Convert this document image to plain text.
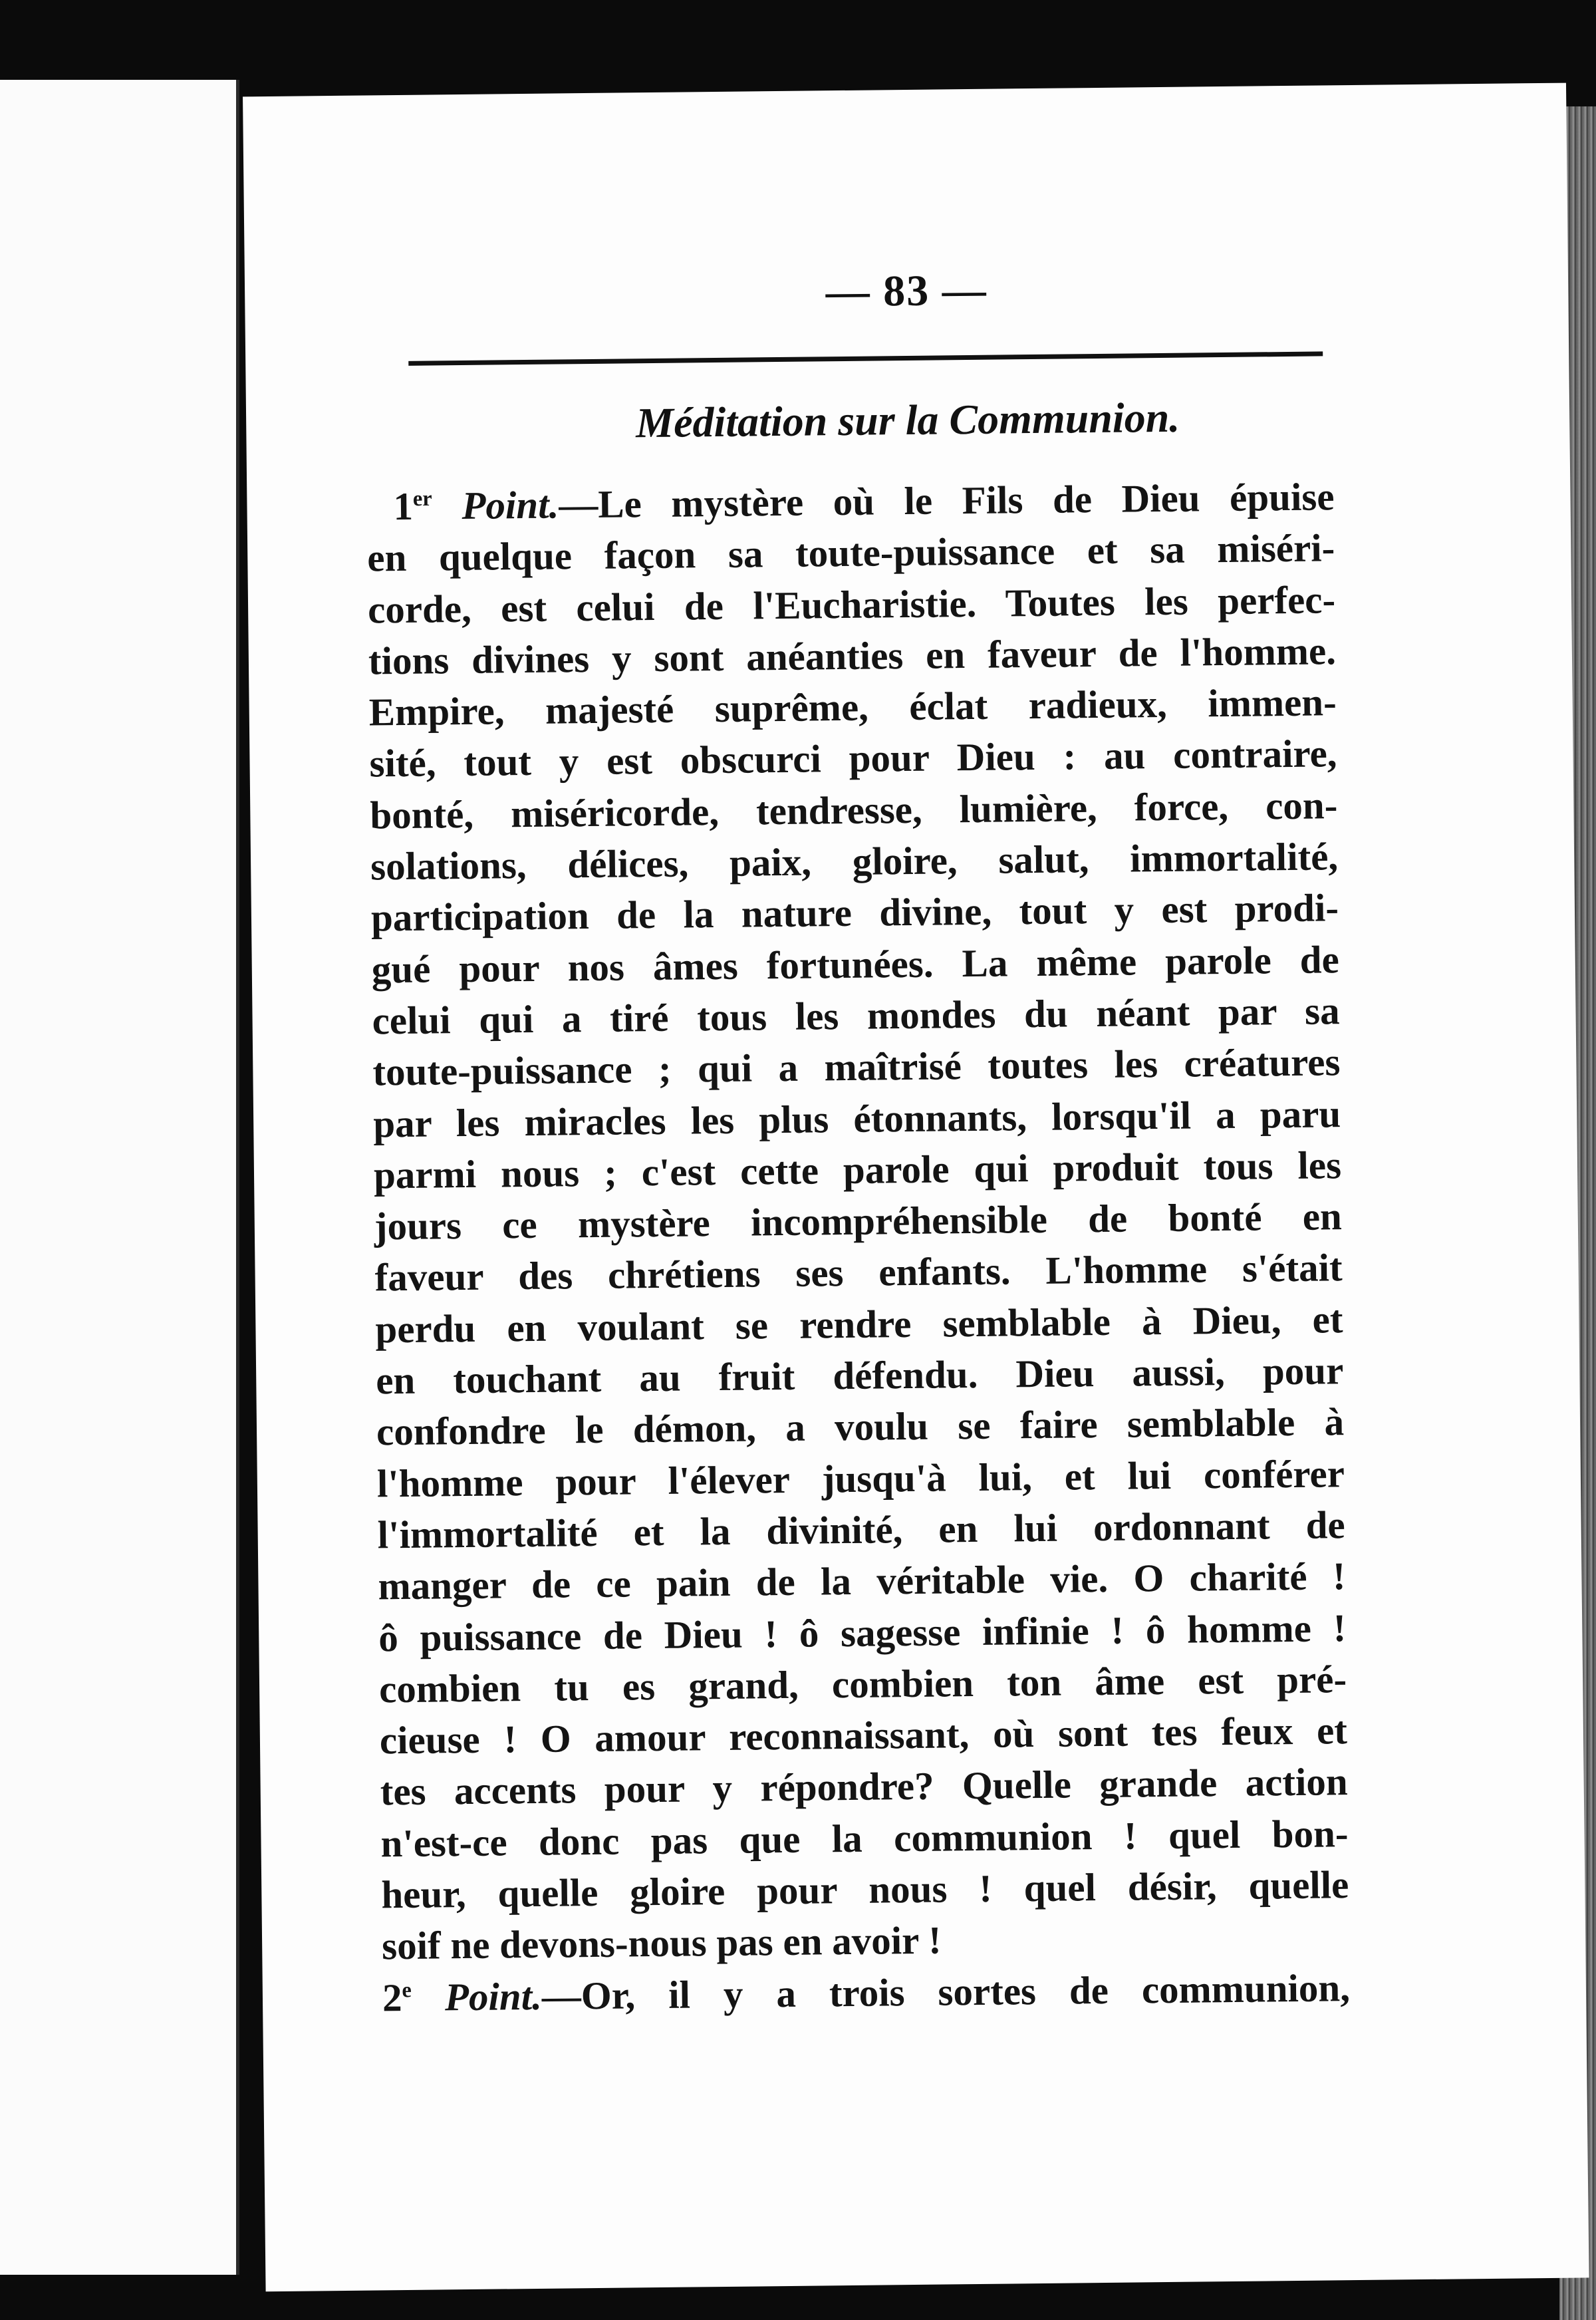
— 83 —
Méditation sur la Communion.
1er Point.—Le mystère où le Fils de Dieu épuise
en quelque façon sa toute-puissance et sa miséri-
corde, est celui de l'Eucharistie. Toutes les perfec-
tions divines y sont anéanties en faveur de l'homme.
Empire, majesté suprême, éclat radieux, immen-
sité, tout y est obscurci pour Dieu : au contraire,
bonté, miséricorde, tendresse, lumière, force, con-
solations, délices, paix, gloire, salut, immortalité,
participation de la nature divine, tout y est prodi-
gué pour nos âmes fortunées. La même parole de
celui qui a tiré tous les mondes du néant par sa
toute-puissance ; qui a maîtrisé toutes les créatures
par les miracles les plus étonnants, lorsqu'il a paru
parmi nous ; c'est cette parole qui produit tous les
jours ce mystère incompréhensible de bonté en
faveur des chrétiens ses enfants. L'homme s'était
perdu en voulant se rendre semblable à Dieu, et
en touchant au fruit défendu. Dieu aussi, pour
confondre le démon, a voulu se faire semblable à
l'homme pour l'élever jusqu'à lui, et lui conférer
l'immortalité et la divinité, en lui ordonnant de
manger de ce pain de la véritable vie. O charité !
ô puissance de Dieu ! ô sagesse infinie ! ô homme !
combien tu es grand, combien ton âme est pré-
cieuse ! O amour reconnaissant, où sont tes feux et
tes accents pour y répondre? Quelle grande action
n'est-ce donc pas que la communion ! quel bon-
heur, quelle gloire pour nous ! quel désir, quelle
soif ne devons-nous pas en avoir !
2e Point.—Or, il y a trois sortes de communion,
